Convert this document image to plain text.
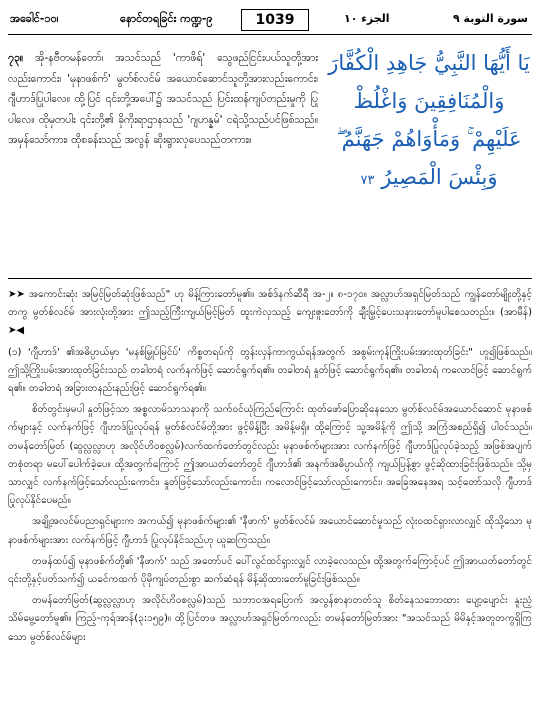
အခေါင်-၁၀၊	နောင်တရခြင်း ကဏ္ဍ-၉	1039	الجزء ١٠	سورة التوبة ٩

၇၃။ အို-နဗီတမန်တော်၊ အသင်သည် 'ကာဖိရ်' သွေဖည်ငြင်းပယ်သူတို့အားလည်းကောင်း၊ 'မုနာဖစ်က်' မွတ်စ်လင်မ် အယောင်ဆောင်သူတို့အားလည်းကောင်း၊ ဂျီဟာဒ်ပြုပါလေ။ ထို့ပြင် ၎င်းတို့အပေါ်၌ အသင်သည် ပြင်းထန်ကျပ်တည်းမှုကို ပြုပါလေ။ ထိုမှတပါး ၎င်းတို့၏ ခိုကိုးရာဌာနသည် 'ဂျဟန္နမ်' ငရဲသို့သည်ပင်ဖြစ်သည်။ အမှန်သော်ကား၊ ထိုစခန်းသည် အလွန် ဆိုးရွားလှပေသည်တကား။

يَا أَيُّهَا النَّبِيُّ جَاهِدِ الْكُفَّارَ
وَالْمُنَافِقِينَ وَاغْلُظْ
عَلَيْهِمْ ۚ وَمَأْوَاهُمْ جَهَنَّمُ ۖ
وَبِئْسَ الْمَصِيرُ ٧٣

➤➤ အကောင်းဆုံး အမြင့်မြတ်ဆုံးဖြစ်သည်" ဟု မိန့်ကြားတော်မူ၏။ အစ်ဒ်နက်ဆီရီ အ-၂။ ၈-၁၇၀။ အလ္လာဟ်အရှင်မြတ်သည် ကျွန်တော်မျိုးတို့နှင့်တကွ မွတ်စ်လင်မ် အားလုံးတို့အား ဤသည့်ကြီးကျယ်မြင့်မြတ် ထူးကဲလှသည့် ကျေးဇူးတော်ကို ချီးမြှင့်ပေးသနားတော်မူပါစေသတည်း။ (အာမီန်) ➤◀

(၁) 'ဂျီဟာဒ်' ၏အဓိပ္ပာယ်မှာ 'မနစ်မြှုပ်မြင်ပ်' ကိစ္စတရပ်ကို တွန်းလှန်ကာကွယ်ရန်အတွက် အစွမ်းကုန်ကြိုးပမ်းအားထုတ်ခြင်း" ဟူ၍ဖြစ်သည်။ ဤသို့ကြိုးပမ်းအားထုတ်ခြင်းသည် တခါတရံ လက်နက်ဖြင့် ဆောင်ရွက်ရ၏။ တခါတရံ နှုတ်ဖြင့် ဆောင်ရွက်ရ၏။ တခါတရံ ကလောင်ဖြင့် ဆောင်ရွက်ရ၏။ တခါတရံ အခြားတနည်းနည်းဖြင့် ဆောင်ရွက်ရ၏။

စိတ်တွင်းမှမပါ နှုတ်ဖြင့်သာ အစ္စလာမ်သာသနာကို သက်ဝင်ယုံကြည်ကြောင်း ထုတ်ဖော်ပြောဆိုနေသော မွတ်စ်လင်မ်အယောင်ဆောင် မုနာဖစ်က်များနှင့် လက်နက်ဖြင့် ဂျီဟာဒ်ပြုလုပ်ရန် မွတ်စ်လင်မ်တို့အား ဖွင့်မိန့်ပြီး အမိန့်မရှိ။ ထို့ကြောင့် သူ့အမိန့်ကို ဤသို့ အကြံအစည်ရှိ၍ ပါဝင်သည်။ တမန်တော်မြတ် (ဆွလ္လလ္လာဟု အလိုင်ဟိဝစလ္လမ်)လက်ထက်တော်တွင်လည်း မုနာဖစ်က်များအား လက်နက်ဖြင့် ဂျီဟာဒ်ပြုလုပ်ခဲ့သည့် အဖြစ်အပျက်တစုံတရာ မပေါ်ပေါက်ခဲ့ပေ။ ထို့အတွက်ကြောင့် ဤအာယတ်တော်တွင် ဂျီဟာဒ်၏ အနက်အဓိပ္ပာယ်ကို ကျယ်ပြန့်စွာ ဖွင့်ဆိုထားခြင်းဖြစ်သည်။ သို့မှသာလျှင် လက်နက်ဖြင့်သော်လည်းကောင်း၊ နှုတ်ဖြင့်သော်လည်းကောင်း၊ ကလောင်ဖြင့်သော်လည်းကောင်း၊ အခြေအနေအရ သင့်တော်သလို ဂျီဟာဒ်ပြုလုပ်နိုင်ပေမည်။

အချို့အလင်မ်ပညာရှင်များက အကယ်၍ မုနာဖစ်က်များ၏ 'နီဖာက်' မွတ်စ်လင်မ် အယောင်ဆောင်မှုသည် လုံးဝထင်ရှားလာလျှင် ထိုသို့သော မုနာဖစ်က်များအား လက်နက်ဖြင့် ဂျီဟာဒ် ပြုလုပ်နိုင်သည်ဟု ယူဆကြသည်။

တဖန်ထပ်၍ မုနာဖစ်က်တို့၏ 'နီဖာက်' သည် အတော်ပင် ပေါ်လွင်ထင်ရှားလျှင် လာခဲ့လေသည်။ ထို့အတွက်ကြောင့်ပင် ဤအာယတ်တော်တွင် ၎င်းတို့နှင့်ပတ်သက်၍ ယခင်ကထက် ပိုမိုကျပ်တည်းစွာ ဆက်ဆံရန် မိန့်ဆိုထားတော်မူခြင်းဖြစ်သည်။

တမန်တော်မြတ်(ဆွလ္လလ္လာဟု အလိုင်ဟိဝစလ္လမ်)သည် သဘာဝအရပြောက် အလွန်စာနာတတ်သူ စိတ်နေသဘောထား ပျော့ပျောင်း နူးညံ့သိမ်မွေ့တော်မူ၏။ ကြည့်-ကုရ်အာန်(၃:၁၅၉)။ ထို့ပြင်တဖ အလ္လာဟ်အရှင်မြတ်ကလည်း တမန်တော်မြတ်အား "အသင်သည် မိမိနှင့်အတူတကွရှိကြသော မွတ်စ်လင်မ်များ
